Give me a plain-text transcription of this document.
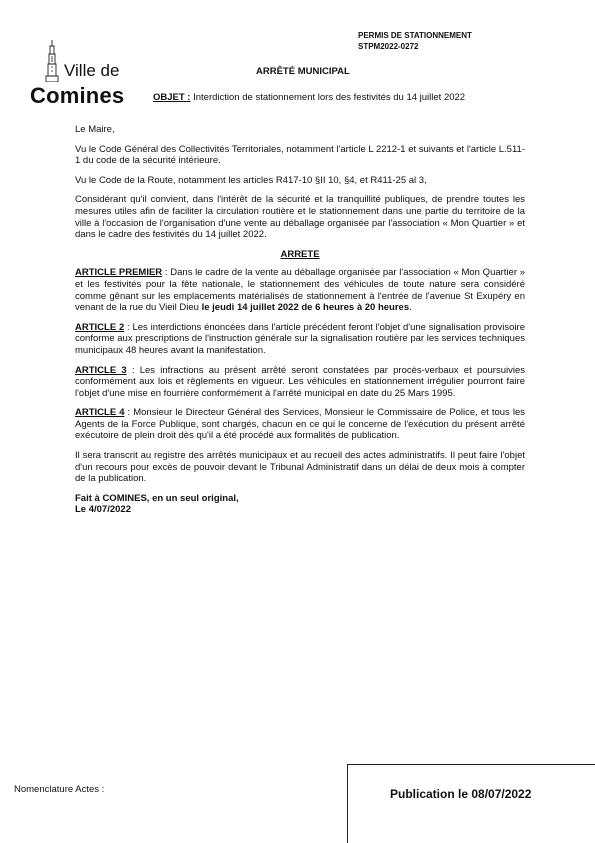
PERMIS DE STATIONNEMENT
STPM2022-0272
Ville de
Comines
ARRÊTÉ MUNICIPAL
OBJET : Interdiction de stationnement lors des festivités du 14 juillet 2022

Le Maire,

Vu le Code Général des Collectivités Territoriales, notamment l'article L 2212-1 et suivants et l'article L.511-1 du code de la sécurité intérieure.

Vu le Code de la Route, notamment les articles R417-10 §II 10, §4, et R411-25 al 3,

Considérant qu'il convient, dans l'intérêt de la sécurité et la tranquillité publiques, de prendre toutes les mesures utiles afin de faciliter la circulation routière et le stationnement dans une partie du territoire de la ville à l'occasion de l'organisation d'une vente au déballage organisée par l'association « Mon Quartier » et dans le cadre des festivités du 14 juillet 2022.

ARRETE

ARTICLE PREMIER : Dans le cadre de la vente au déballage organisée par l'association « Mon Quartier » et les festivités pour la fête nationale, le stationnement des véhicules de toute nature sera considéré comme gênant sur les emplacements matérialisés de stationnement à l'entrée de l'avenue St Exupéry en venant de la rue du Vieil Dieu le jeudi 14 juillet 2022 de 6 heures à 20 heures.

ARTICLE 2 : Les interdictions énoncées dans l'article précédent feront l'objet d'une signalisation provisoire conforme aux prescriptions de l'instruction générale sur la signalisation routière par les services techniques municipaux 48 heures avant la manifestation.

ARTICLE 3 : Les infractions au présent arrêté seront constatées par procès-verbaux et poursuivies conformément aux lois et règlements en vigueur. Les véhicules en stationnement irrégulier pourront faire l'objet d'une mise en fourrière conformément à l'arrêté municipal en date du 25 Mars 1995.

ARTICLE 4 : Monsieur le Directeur Général des Services, Monsieur le Commissaire de Police, et tous les Agents de la Force Publique, sont chargés, chacun en ce qui le concerne de l'exécution du présent arrêté exécutoire de plein droit dès qu'il a été procédé aux formalités de publication.

Il sera transcrit au registre des arrêtés municipaux et au recueil des actes administratifs. Il peut faire l'objet d'un recours pour excès de pouvoir devant le Tribunal Administratif dans un délai de deux mois à compter de la publication.

Fait à COMINES, en un seul original,
Le 4/07/2022
Nomenclature Actes :	Publication le 08/07/2022
